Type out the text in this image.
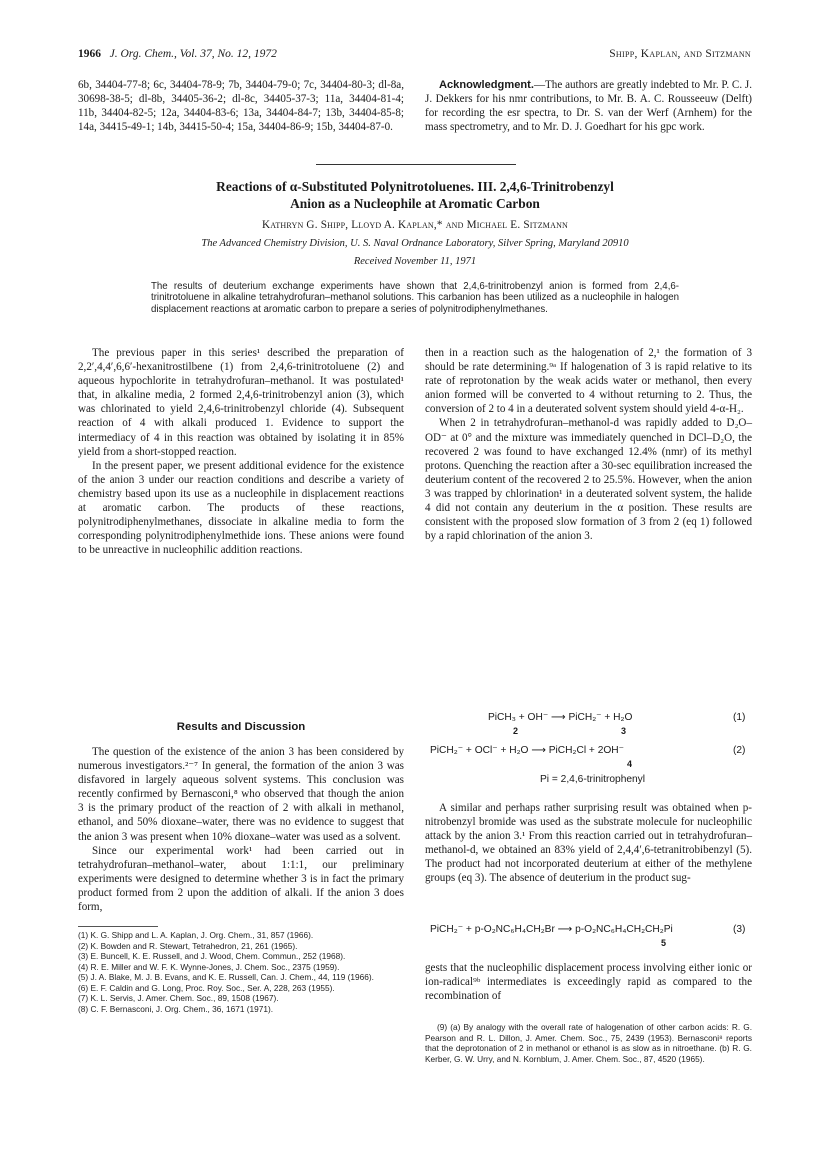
1966 J. Org. Chem., Vol. 37, No. 12, 1972	Shipp, Kaplan, and Sitzmann
6b, 34404-77-8; 6c, 34404-78-9; 7b, 34404-79-0; 7c, 34404-80-3; dl-8a, 30698-38-5; dl-8b, 34405-36-2; dl-8c, 34405-37-3; 11a, 34404-81-4; 11b, 34404-82-5; 12a, 34404-83-6; 13a, 34404-84-7; 13b, 34404-85-8; 14a, 34415-49-1; 14b, 34415-50-4; 15a, 34404-86-9; 15b, 34404-87-0.

Acknowledgment.—The authors are greatly indebted to Mr. P. C. J. J. Dekkers for his nmr contributions, to Mr. B. A. C. Rousseeuw (Delft) for recording the esr spectra, to Dr. S. van der Werf (Arnhem) for the mass spectrometry, and to Mr. D. J. Goedhart for his gpc work.

Reactions of α-Substituted Polynitrotoluenes. III. 2,4,6-Trinitrobenzyl
Anion as a Nucleophile at Aromatic Carbon
Kathryn G. Shipp, Lloyd A. Kaplan,* and Michael E. Sitzmann
The Advanced Chemistry Division, U. S. Naval Ordnance Laboratory, Silver Spring, Maryland 20910
Received November 11, 1971
The results of deuterium exchange experiments have shown that 2,4,6-trinitrobenzyl anion is formed from 2,4,6-trinitrotoluene in alkaline tetrahydrofuran–methanol solutions. This carbanion has been utilized as a nucleophile in halogen displacement reactions at aromatic carbon to prepare a series of polynitrodiphenylmethanes.

The previous paper in this series¹ described the preparation of 2,2′,4,4′,6,6′-hexanitrostilbene (1) from 2,4,6-trinitrotoluene (2) and aqueous hypochlorite in tetrahydrofuran–methanol. It was postulated¹ that, in alkaline media, 2 formed 2,4,6-trinitrobenzyl anion (3), which was chlorinated to yield 2,4,6-trinitrobenzyl chloride (4). Subsequent reaction of 4 with alkali produced 1. Evidence to support the intermediacy of 4 in this reaction was obtained by isolating it in 85% yield from a short-stopped reaction.

In the present paper, we present additional evidence for the existence of the anion 3 under our reaction conditions and describe a variety of chemistry based upon its use as a nucleophile in displacement reactions at aromatic carbon. The products of these reactions, polynitrodiphenylmethanes, dissociate in alkaline media to form the corresponding polynitrodiphenylmethide ions. These anions were found to be unreactive in nucleophilic addition reactions.

Results and Discussion

The question of the existence of the anion 3 has been considered by numerous investigators.²⁻⁷ In general, the formation of the anion 3 was disfavored in largely aqueous solvent systems. This conclusion was recently confirmed by Bernasconi,⁸ who observed that though the anion 3 is the primary product of the reaction of 2 with alkali in methanol, ethanol, and 50% dioxane–water, there was no evidence to suggest that the anion 3 was present when 10% dioxane–water was used as a solvent.

Since our experimental work¹ had been carried out in tetrahydrofuran–methanol–water, about 1:1:1, our preliminary experiments were designed to determine whether 3 is in fact the primary product formed from 2 upon the addition of alkali. If the anion 3 does form,

(1) K. G. Shipp and L. A. Kaplan, J. Org. Chem., 31, 857 (1966).
(2) K. Bowden and R. Stewart, Tetrahedron, 21, 261 (1965).
(3) E. Buncell, K. E. Russell, and J. Wood, Chem. Commun., 252 (1968).
(4) R. E. Miller and W. F. K. Wynne-Jones, J. Chem. Soc., 2375 (1959).
(5) J. A. Blake, M. J. B. Evans, and K. E. Russell, Can. J. Chem., 44, 119 (1966).
(6) E. F. Caldin and G. Long, Proc. Roy. Soc., Ser. A, 228, 263 (1955).
(7) K. L. Servis, J. Amer. Chem. Soc., 89, 1508 (1967).
(8) C. F. Bernasconi, J. Org. Chem., 36, 1671 (1971).

then in a reaction such as the halogenation of 2,¹ the formation of 3 should be rate determining.⁹ᵃ If halogenation of 3 is rapid relative to its rate of reprotonation by the weak acids water or methanol, then every anion formed will be converted to 4 without returning to 2. Thus, the conversion of 2 to 4 in a deuterated solvent system should yield 4-α-H₂.

When 2 in tetrahydrofuran–methanol-d was rapidly added to D₂O–OD⁻ at 0° and the mixture was immediately quenched in DCl–D₂O, the recovered 2 was found to have exchanged 12.4% (nmr) of its methyl protons. Quenching the reaction after a 30-sec equilibration increased the deuterium content of the recovered 2 to 25.5%. However, when the anion 3 was trapped by chlorination¹ in a deuterated solvent system, the halide 4 did not contain any deuterium in the α position. These results are consistent with the proposed slow formation of 3 from 2 (eq 1) followed by a rapid chlorination of the anion 3.

PiCH₃ + OH⁻ ⟶ PiCH₂⁻ + H₂O	(1)
2	3
PiCH₂⁻ + OCl⁻ + H₂O ⟶ PiCH₂Cl + 2OH⁻	(2)
4
Pi = 2,4,6-trinitrophenyl

A similar and perhaps rather surprising result was obtained when p-nitrobenzyl bromide was used as the substrate molecule for nucleophilic attack by the anion 3.¹ From this reaction carried out in tetrahydrofuran–methanol-d, we obtained an 83% yield of 2,4,4′,6-tetranitrobibenzyl (5). The product had not incorporated deuterium at either of the methylene groups (eq 3). The absence of deuterium in the product sug-

PiCH₂⁻ + p-O₂NC₆H₄CH₂Br ⟶ p-O₂NC₆H₄CH₂CH₂Pi	(3)
5

gests that the nucleophilic displacement process involving either ionic or ion-radical⁹ᵇ intermediates is exceedingly rapid as compared to the recombination of

(9) (a) By analogy with the overall rate of halogenation of other carbon acids: R. G. Pearson and R. L. Dillon, J. Amer. Chem. Soc., 75, 2439 (1953). Bernasconi⁸ reports that the deprotonation of 2 in methanol or ethanol is as slow as in nitroethane. (b) R. G. Kerber, G. W. Urry, and N. Kornblum, J. Amer. Chem. Soc., 87, 4520 (1965).
